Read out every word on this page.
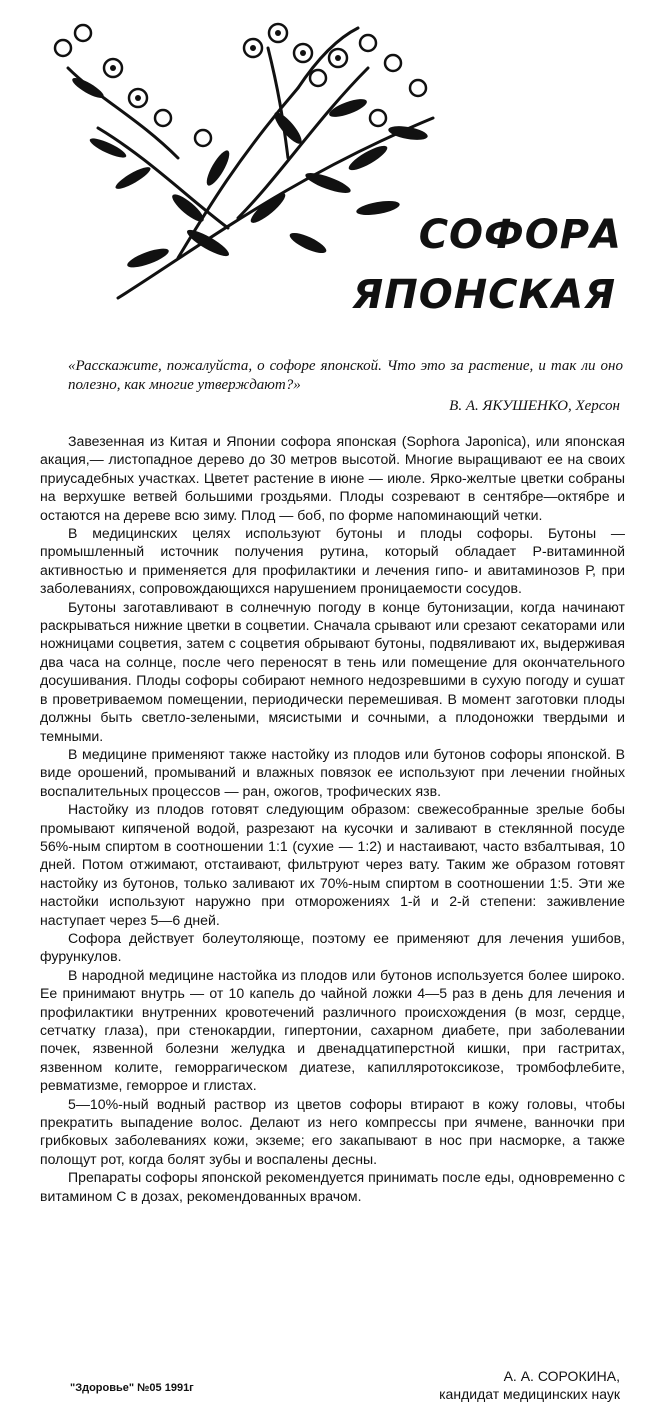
СОФОРА
ЯПОНСКАЯ
«Расскажите, пожалуйста, о софоре японской. Что это за растение, и так ли оно полезно, как многие утверждают?»
В. А. ЯКУШЕНКО, Херсон

Завезенная из Китая и Японии софора японская (Sophora Japonica), или японская акация,— листопадное дерево до 30 метров высотой. Многие выращивают ее на своих приусадебных участках. Цветет растение в июне — июле. Ярко-желтые цветки собраны на верхушке ветвей большими гроздьями. Плоды созревают в сентябре—октябре и остаются на дереве всю зиму. Плод — боб, по форме напоминающий четки.

В медицинских целях используют бутоны и плоды софоры. Бутоны — промышленный источник получения рутина, который обладает Р-витаминной активностью и применяется для профилактики и лечения гипо- и авитаминозов Р, при заболеваниях, сопровождающихся нарушением проницаемости сосудов.

Бутоны заготавливают в солнечную погоду в конце бутонизации, когда начинают раскрываться нижние цветки в соцветии. Сначала срывают или срезают секаторами или ножницами соцветия, затем с соцветия обрывают бутоны, подвяливают их, выдерживая два часа на солнце, после чего переносят в тень или помещение для окончательного досушивания. Плоды софоры собирают немного недозревшими в сухую погоду и сушат в проветриваемом помещении, периодически перемешивая. В момент заготовки плоды должны быть светло-зелеными, мясистыми и сочными, а плодоножки твердыми и темными.

В медицине применяют также настойку из плодов или бутонов софоры японской. В виде орошений, промываний и влажных повязок ее используют при лечении гнойных воспалительных процессов — ран, ожогов, трофических язв.

Настойку из плодов готовят следующим образом: свежесобранные зрелые бобы промывают кипяченой водой, разрезают на кусочки и заливают в стеклянной посуде 56%-ным спиртом в соотношении 1:1 (сухие — 1:2) и настаивают, часто взбалтывая, 10 дней. Потом отжимают, отстаивают, фильтруют через вату. Таким же образом готовят настойку из бутонов, только заливают их 70%-ным спиртом в соотношении 1:5. Эти же настойки используют наружно при отморожениях 1-й и 2-й степени: заживление наступает через 5—6 дней.

Софора действует болеутоляюще, поэтому ее применяют для лечения ушибов, фурункулов.

В народной медицине настойка из плодов или бутонов используется более широко. Ее принимают внутрь — от 10 капель до чайной ложки 4—5 раз в день для лечения и профилактики внутренних кровотечений различного происхождения (в мозг, сердце, сетчатку глаза), при стенокардии, гипертонии, сахарном диабете, при заболевании почек, язвенной болезни желудка и двенадцатиперстной кишки, при гастритах, язвенном колите, геморрагическом диатезе, капилляротоксикозе, тромбофлебите, ревматизме, геморрое и глистах.

5—10%-ный водный раствор из цветов софоры втирают в кожу головы, чтобы прекратить выпадение волос. Делают из него компрессы при ячмене, ванночки при грибковых заболеваниях кожи, экземе; его закапывают в нос при насморке, а также полощут рот, когда болят зубы и воспалены десны.

Препараты софоры японской рекомендуется принимать после еды, одновременно с витамином С в дозах, рекомендованных врачом.

А. А. СОРОКИНА,
кандидат медицинских наук
"Здоровье" №05 1991г
